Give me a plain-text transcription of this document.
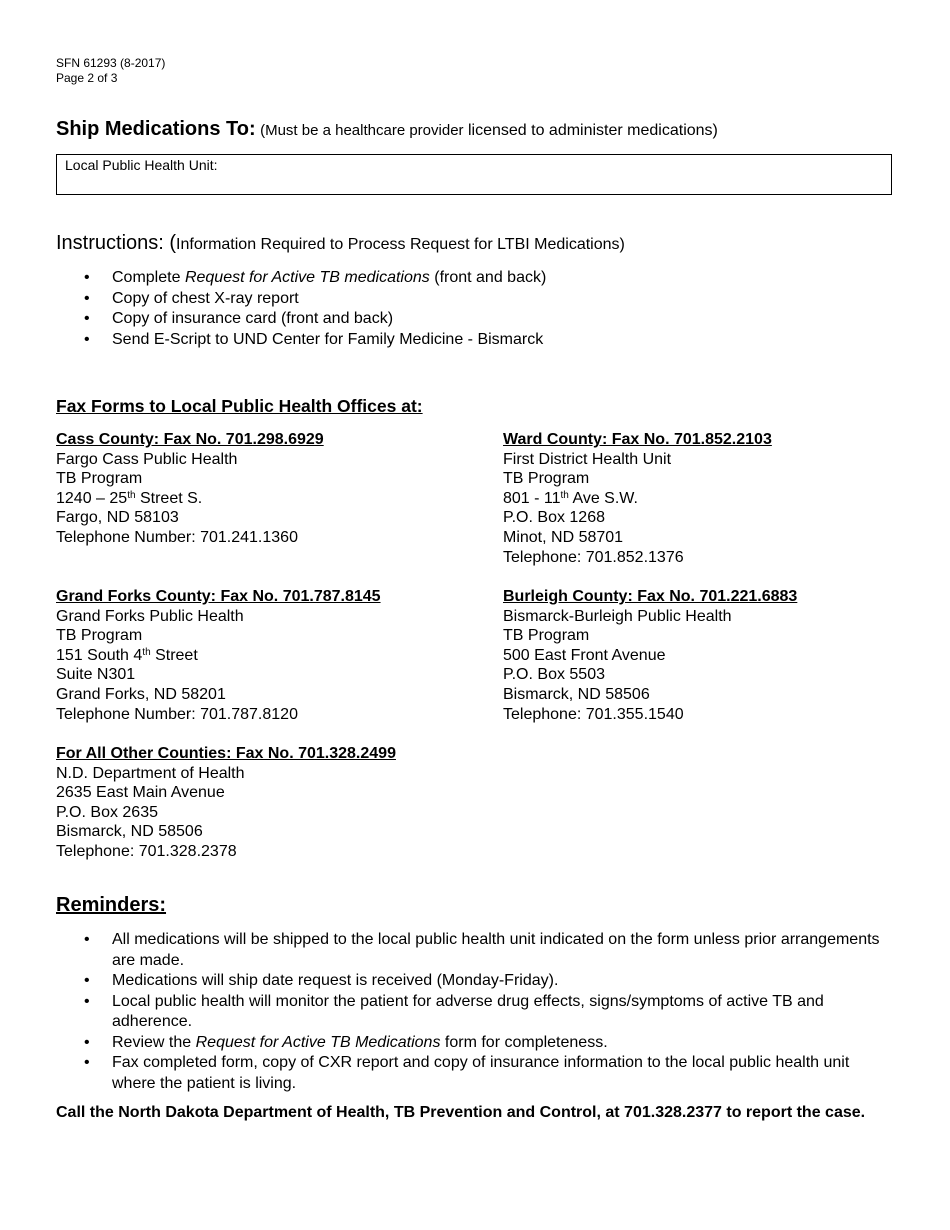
SFN 61293 (8-2017)
Page 2 of 3
Ship Medications To: (Must be a healthcare provider licensed to administer medications)
Local Public Health Unit:
Instructions: (Information Required to Process Request for LTBI Medications)
• Complete Request for Active TB medications (front and back)
• Copy of chest X-ray report
• Copy of insurance card (front and back)
• Send E-Script to UND Center for Family Medicine - Bismarck
Fax Forms to Local Public Health Offices at:
Cass County: Fax No. 701.298.6929
Fargo Cass Public Health
TB Program
1240 – 25th Street S.
Fargo, ND 58103
Telephone Number: 701.241.1360
Ward County: Fax No. 701.852.2103
First District Health Unit
TB Program
801 - 11th Ave S.W.
P.O. Box 1268
Minot, ND 58701
Telephone: 701.852.1376
Grand Forks County: Fax No. 701.787.8145
Grand Forks Public Health
TB Program
151 South 4th Street
Suite N301
Grand Forks, ND 58201
Telephone Number: 701.787.8120
Burleigh County: Fax No. 701.221.6883
Bismarck-Burleigh Public Health
TB Program
500 East Front Avenue
P.O. Box 5503
Bismarck, ND 58506
Telephone: 701.355.1540
For All Other Counties: Fax No. 701.328.2499
N.D. Department of Health
2635 East Main Avenue
P.O. Box 2635
Bismarck, ND 58506
Telephone: 701.328.2378
Reminders:
• All medications will be shipped to the local public health unit indicated on the form unless prior arrangements are made.
• Medications will ship date request is received (Monday-Friday).
• Local public health will monitor the patient for adverse drug effects, signs/symptoms of active TB and adherence.
• Review the Request for Active TB Medications form for completeness.
• Fax completed form, copy of CXR report and copy of insurance information to the local public health unit where the patient is living.
Call the North Dakota Department of Health, TB Prevention and Control, at 701.328.2377 to report the case.
